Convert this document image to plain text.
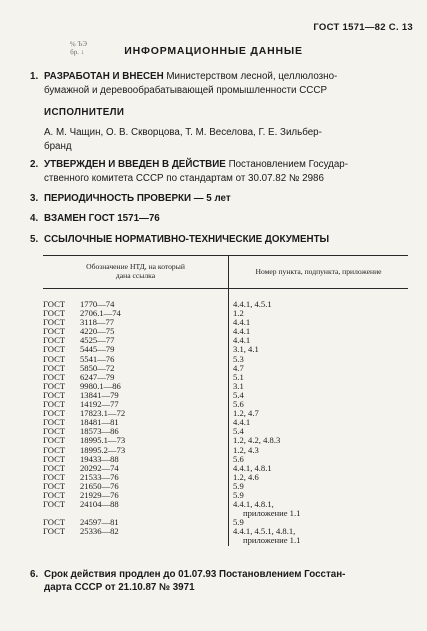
ГОСТ 1571—82 С. 13
% ЪЭ
бр. ↓	ИНФОРМАЦИОННЫЕ ДАННЫЕ
1. РАЗРАБОТАН И ВНЕСЕН Министерством лесной, целлюлозно-
бумажной и деревообрабатывающей промышленности СССР
ИСПОЛНИТЕЛИ
А. М. Чащин, О. В. Скворцова, Т. М. Веселова, Г. Е. Зильбер-
бранд
2. УТВЕРЖДЕН И ВВЕДЕН В ДЕЙСТВИЕ Постановлением Государ-
ственного комитета СССР по стандартам от 30.07.82 № 2986
3. ПЕРИОДИЧНОСТЬ ПРОВЕРКИ — 5 лет
4. ВЗАМЕН ГОСТ 1571—76
5. ССЫЛОЧНЫЕ НОРМАТИВНО-ТЕХНИЧЕСКИЕ ДОКУМЕНТЫ
Обозначение НТД, на который
дана ссылка	Номер пункта, подпункта, приложение
ГОСТ 1770—74	4.4.1, 4.5.1
ГОСТ 2706.1—74	1.2
ГОСТ 3118—77	4.4.1
ГОСТ 4220—75	4.4.1
ГОСТ 4525—77	4.4.1
ГОСТ 5445—79	3.1, 4.1
ГОСТ 5541—76	5.3
ГОСТ 5850—72	4.7
ГОСТ 6247—79	5.1
ГОСТ 9980.1—86	3.1
ГОСТ 13841—79	5.4
ГОСТ 14192—77	5.6
ГОСТ 17823.1—72	1.2, 4.7
ГОСТ 18481—81	4.4.1
ГОСТ 18573—86	5.4
ГОСТ 18995.1—73	1.2, 4.2, 4.8.3
ГОСТ 18995.2—73	1.2, 4.3
ГОСТ 19433—88	5.6
ГОСТ 20292—74	4.4.1, 4.8.1
ГОСТ 21533—76	1.2, 4.6
ГОСТ 21650—76	5.9
ГОСТ 21929—76	5.9
ГОСТ 24104—88	4.4.1, 4.8.1,
приложение 1.1
ГОСТ 24597—81	5.9
ГОСТ 25336—82	4.4.1, 4.5.1, 4.8.1,
приложение 1.1
6. Срок действия продлен до 01.07.93 Постановлением Госстан-
дарта СССР от 21.10.87 № 3971
